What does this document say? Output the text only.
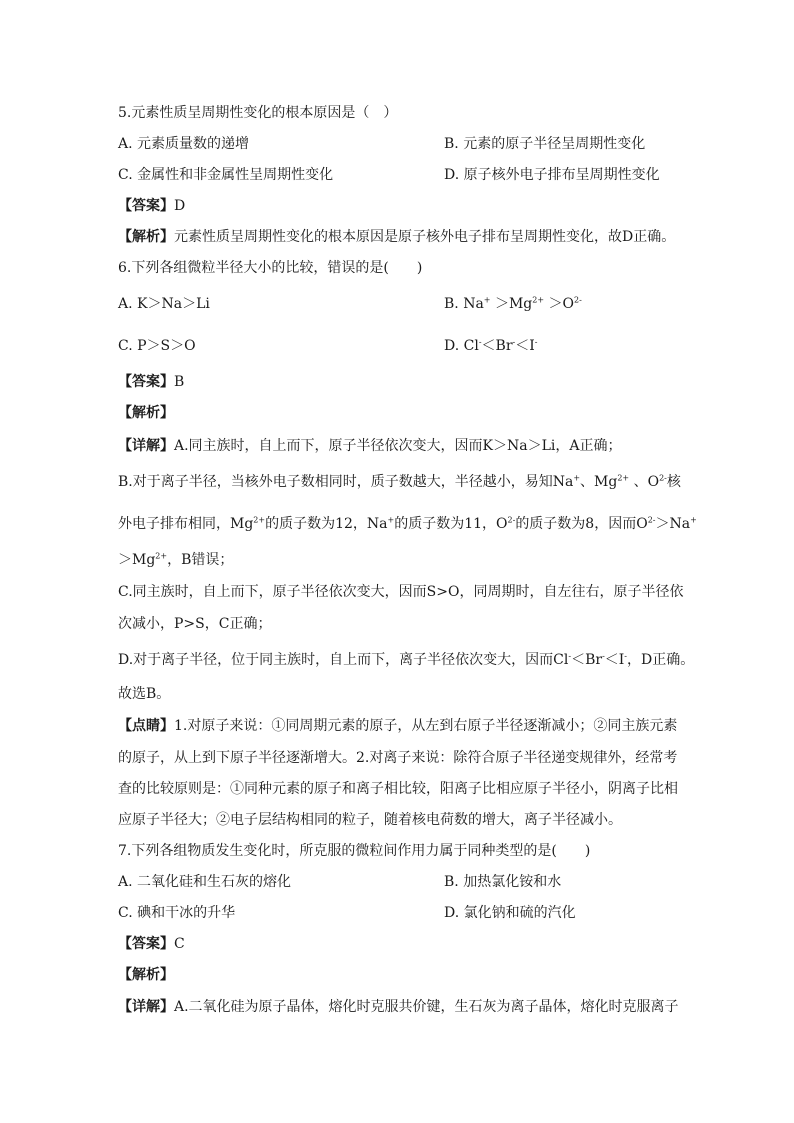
5.元素性质呈周期性变化的根本原因是（　）
A. 元素质量数的递增	B. 元素的原子半径呈周期性变化
C. 金属性和非金属性呈周期性变化	D. 原子核外电子排布呈周期性变化
【答案】D
【解析】元素性质呈周期性变化的根本原因是原子核外电子排布呈周期性变化，故D正确。
6.下列各组微粒半径大小的比较，错误的是(　　)
A. K＞Na＞Li	B. $Na^+ >Mg^{2+} >O^{2-}$
C. P＞S＞O	D. Cl-＜Br-＜I-
【答案】B
【解析】
【详解】A.同主族时，自上而下，原子半径依次变大，因而K＞Na＞Li，A正确；
B.对于离子半径，当核外电子数相同时，质子数越大，半径越小，易知Na+、$Mg^{2+}$ 、$O^{2-}$核
外电子排布相同，$Mg^{2+}$的质子数为12，Na+的质子数为11，$O^{2-}$的质子数为8，因而$O^{2-}>Na^+$
$>Mg^{2+}$，B错误；
C.同主族时，自上而下，原子半径依次变大，因而S>O，同周期时，自左往右，原子半径依
次减小，P>S，C正确；
D.对于离子半径，位于同主族时，自上而下，离子半径依次变大，因而Cl-＜Br-＜I-，D正确。
故选B。
【点睛】1.对原子来说：①同周期元素的原子，从左到右原子半径逐渐减小；②同主族元素
的原子，从上到下原子半径逐渐增大。2.对离子来说：除符合原子半径递变规律外，经常考
查的比较原则是：①同种元素的原子和离子相比较，阳离子比相应原子半径小，阴离子比相
应原子半径大；②电子层结构相同的粒子，随着核电荷数的增大，离子半径减小。
7.下列各组物质发生变化时，所克服的微粒间作用力属于同种类型的是(　　)
A. 二氧化硅和生石灰的熔化	B. 加热氯化铵和水
C. 碘和干冰的升华	D. 氯化钠和硫的汽化
【答案】C
【解析】
【详解】A.二氧化硅为原子晶体，熔化时克服共价键，生石灰为离子晶体，熔化时克服离子
